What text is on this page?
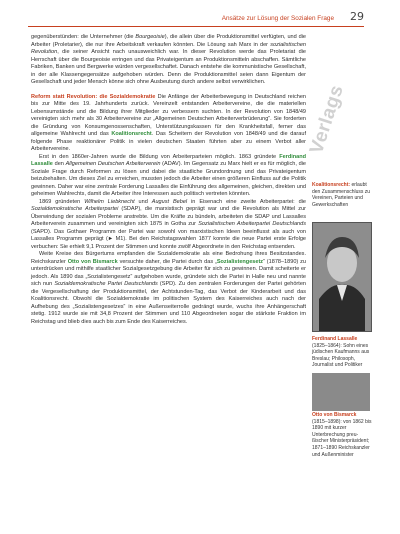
Ansätze zur Lösung der Sozialen Frage 29

gegenüberstünden: die Unternehmer (die Bourgeoisie), die allein über die Produktionsmittel verfügten, und die Arbeiter (Proletarier), die nur ihre Arbeitskraft verkaufen könnten. Die Lösung sah Marx in der sozialistischen Revolution, die seiner Ansicht nach unausweichlich war. In dieser Revolution werde das Proletariat die Herrschaft über die Bourgeoisie erringen und das Privateigentum an Produktionsmitteln abschaffen. Sämtliche Fabriken, Banken und Bergwerke würden vergesellschaftet. Danach entstehe die kommunistische Gesellschaft, in der alle Klassengegensätze aufgehoben würden. Denn die Produktionsmittel seien dann Eigentum der Gesellschaft und jeder Mensch könne sich ohne Ausbeutung durch andere selbst verwirklichen.

Reform statt Revolution: die Sozialdemokratie Die Anfänge der Arbeiterbewegung in Deutschland reichen bis zur Mitte des 19. Jahrhunderts zurück. Vereinzelt entstanden Arbeitervereine, die die materiellen Lebensumstände und die Bildung ihrer Mitglieder zu verbessern suchten. In der Revolution von 1848/49 vereinigten sich mehr als 30 Arbeitervereine zur „Allgemeinen Deutschen Arbeiterverbrüderung“. Sie forderten die Gründung von Konsumgenossenschaften, Unterstützungskassen für den Krankheitsfall, ferner das allgemeine Wahlrecht und das Koalitionsrecht. Das Scheitern der Revolution von 1848/49 und die darauf folgende Phase reaktionärer Politik in vielen deutschen Staaten führten aber zu einem Verbot aller Arbeitervereine.

Erst in den 1860er-Jahren wurde die Bildung von Arbeiterparteien möglich. 1863 gründete Ferdinand Lassalle den Allgemeinen Deutschen Arbeiterverein (ADAV). Im Gegensatz zu Marx hielt er es für möglich, die Soziale Frage durch Reformen zu lösen und dabei die staatliche Grundordnung und das Privateigentum beizubehalten. Um dieses Ziel zu erreichen, mussten jedoch die Arbeiter einen größeren Einfluss auf die Politik gewinnen. Daher war eine zentrale Forderung Lassalles die Einführung des allgemeinen, gleichen, direkten und geheimen Wahlrechts, damit die Arbeiter ihre Interessen auch politisch vertreten könnten.

1869 gründeten Wilhelm Liebknecht und August Bebel in Eisenach eine zweite Arbeiterpartei: die Sozialdemokratische Arbeiterpartei (SDAP), die marxistisch geprägt war und die Revolution als Mittel zur Überwindung der sozialen Probleme anstrebte. Um die Kräfte zu bündeln, arbeiteten die SDAP und Lassalles Arbeiterverein zusammen und vereinigten sich 1875 in Gotha zur Sozialistischen Arbeiterpartei Deutschlands (SAPD). Das Gothaer Programm der Partei war sowohl von marxistischen Ideen beeinflusst als auch von Lassalles Programm geprägt (► M1). Bei den Reichstagswahlen 1877 konnte die neue Partei erste Erfolge verbuchen: Sie erhielt 9,1 Prozent der Stimmen und konnte zwölf Abgeordnete in den Reichstag entsenden.

Weite Kreise des Bürgertums empfanden die Sozialdemokratie als eine Bedrohung ihres Besitzstandes. Reichskanzler Otto von Bismarck versuchte daher, die Partei durch das „Sozialistengesetz“ (1878–1890) zu unterdrücken und mithilfe staatlicher Sozialgesetzgebung die Arbeiter für sich zu gewinnen. Damit scheiterte er jedoch. Als 1890 das „Sozialistengesetz“ aufgehoben wurde, gründete sich die Partei in Halle neu und nannte sich nun Sozialdemokratische Partei Deutschlands (SPD). Zu den zentralen Forderungen der Partei gehörten die Vergesellschaftung der Produktionsmittel, der Achtstunden-Tag, das Verbot der Kinderarbeit und das Koalitionsrecht. Obwohl die Sozialdemokratie im politischen System des Kaiserreiches auch nach der Aufhebung des „Sozialistengesetzes“ in eine Außenseiterrolle gedrängt wurde, wuchs ihre Anhängerschaft stetig. 1912 wurde sie mit 34,8 Prozent der Stimmen und 110 Abgeordneten sogar die stärkste Fraktion im Reichstag und blieb dies auch bis zum Ende des Kaiserreiches.

Verlags
Koalitionsrecht: erlaubt den Zusammenschluss zu Vereinen, Parteien und Gewerkschaften
Ferdinand Lassalle (1825–1864): Sohn eines jüdischen Kaufmanns aus Breslau; Philosoph, Journalist und Politiker
Otto von Bismarck (1815–1898): von 1862 bis 1890 mit kurzer Unterbrechung preußischer Ministerpräsident; 1871–1890 Reichskanzler und Außenminister
